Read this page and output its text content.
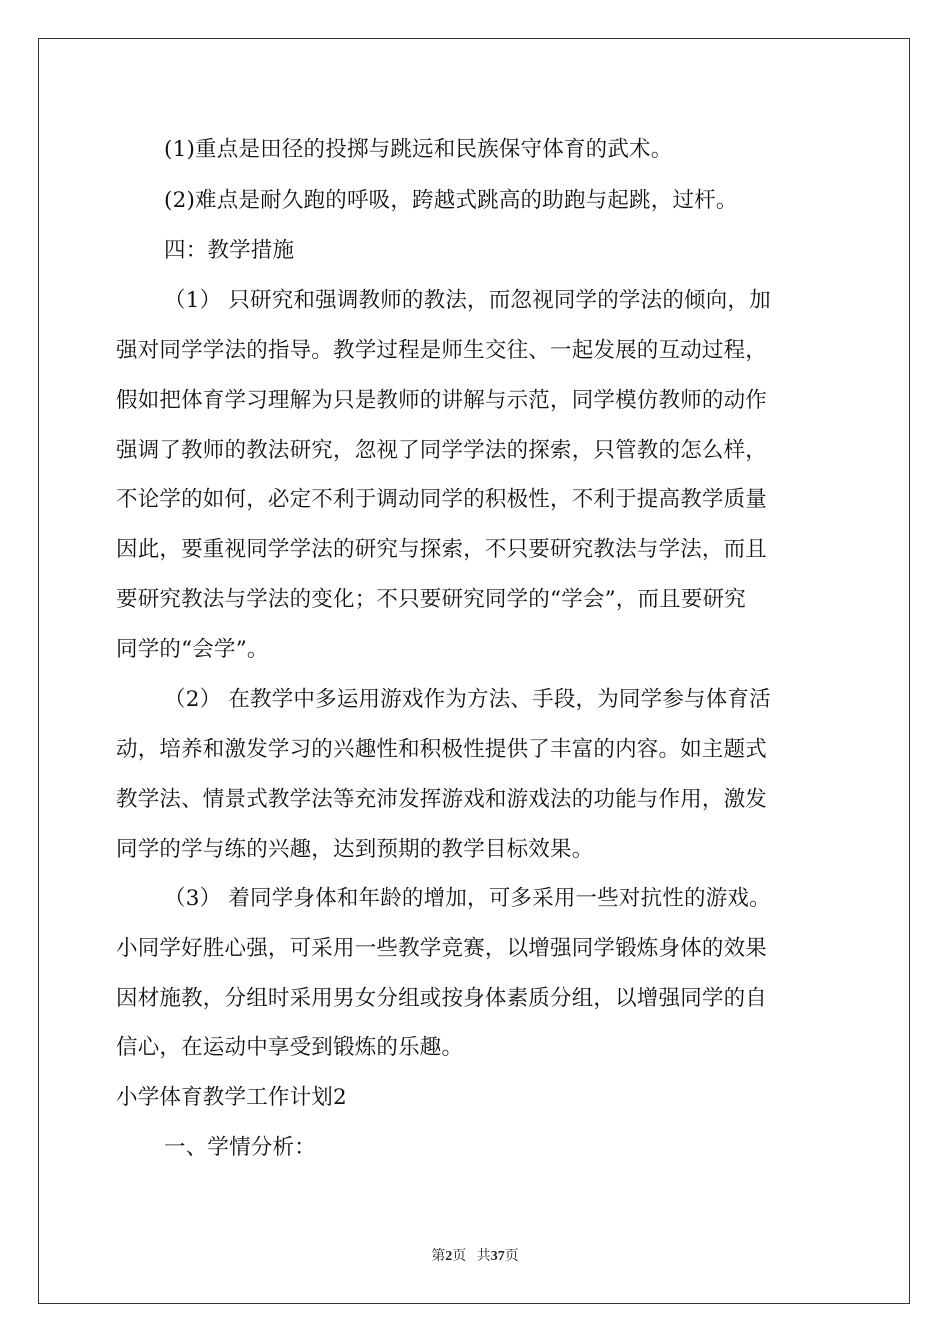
(1)重点是田径的投掷与跳远和民族保守体育的武术。
(2)难点是耐久跑的呼吸，跨越式跳高的助跑与起跳，过杆。
四：教学措施
（1） 只研究和强调教师的教法，而忽视同学的学法的倾向，加
强对同学学法的指导。教学过程是师生交往、一起发展的互动过程，
假如把体育学习理解为只是教师的讲解与示范，同学模仿教师的动作
强调了教师的教法研究，忽视了同学学法的探索，只管教的怎么样，
不论学的如何，必定不利于调动同学的积极性，不利于提高教学质量
因此，要重视同学学法的研究与探索，不只要研究教法与学法，而且
要研究教法与学法的变化；不只要研究同学的“学会”，而且要研究
同学的“会学”。
（2） 在教学中多运用游戏作为方法、手段，为同学参与体育活
动，培养和激发学习的兴趣性和积极性提供了丰富的内容。如主题式
教学法、情景式教学法等充沛发挥游戏和游戏法的功能与作用，激发
同学的学与练的兴趣，达到预期的教学目标效果。
（3） 着同学身体和年龄的增加，可多采用一些对抗性的游戏。
小同学好胜心强，可采用一些教学竞赛，以增强同学锻炼身体的效果
因材施教，分组时采用男女分组或按身体素质分组，以增强同学的自
信心，在运动中享受到锻炼的乐趣。
小学体育教学工作计划2
一、学情分析：
第2页 共37页
